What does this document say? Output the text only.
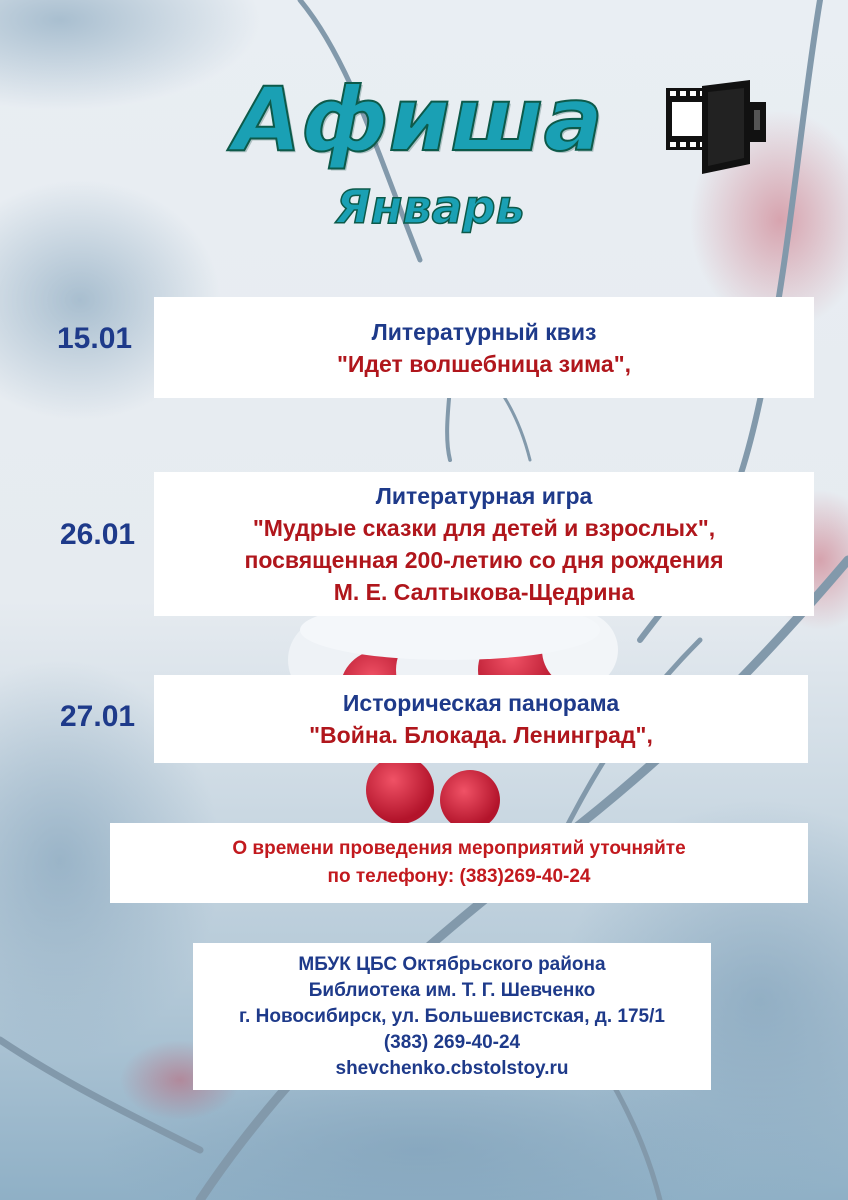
Афиша
Январь
15.01	Литературный квиз
"Идет волшебница зима",
26.01
Литературная игра
"Мудрые сказки для детей и взрослых",
посвященная 200-летию со дня рождения
М. Е. Салтыкова-Щедрина
27.01	Историческая панорама
"Война. Блокада. Ленинград",
О времени проведения мероприятий уточняйте
по телефону: (383)269-40-24
МБУК ЦБС Октябрьского района
Библиотека им. Т. Г. Шевченко
г. Новосибирск, ул. Большевистская, д. 175/1
(383) 269-40-24
shevchenko.cbstolstoy.ru
